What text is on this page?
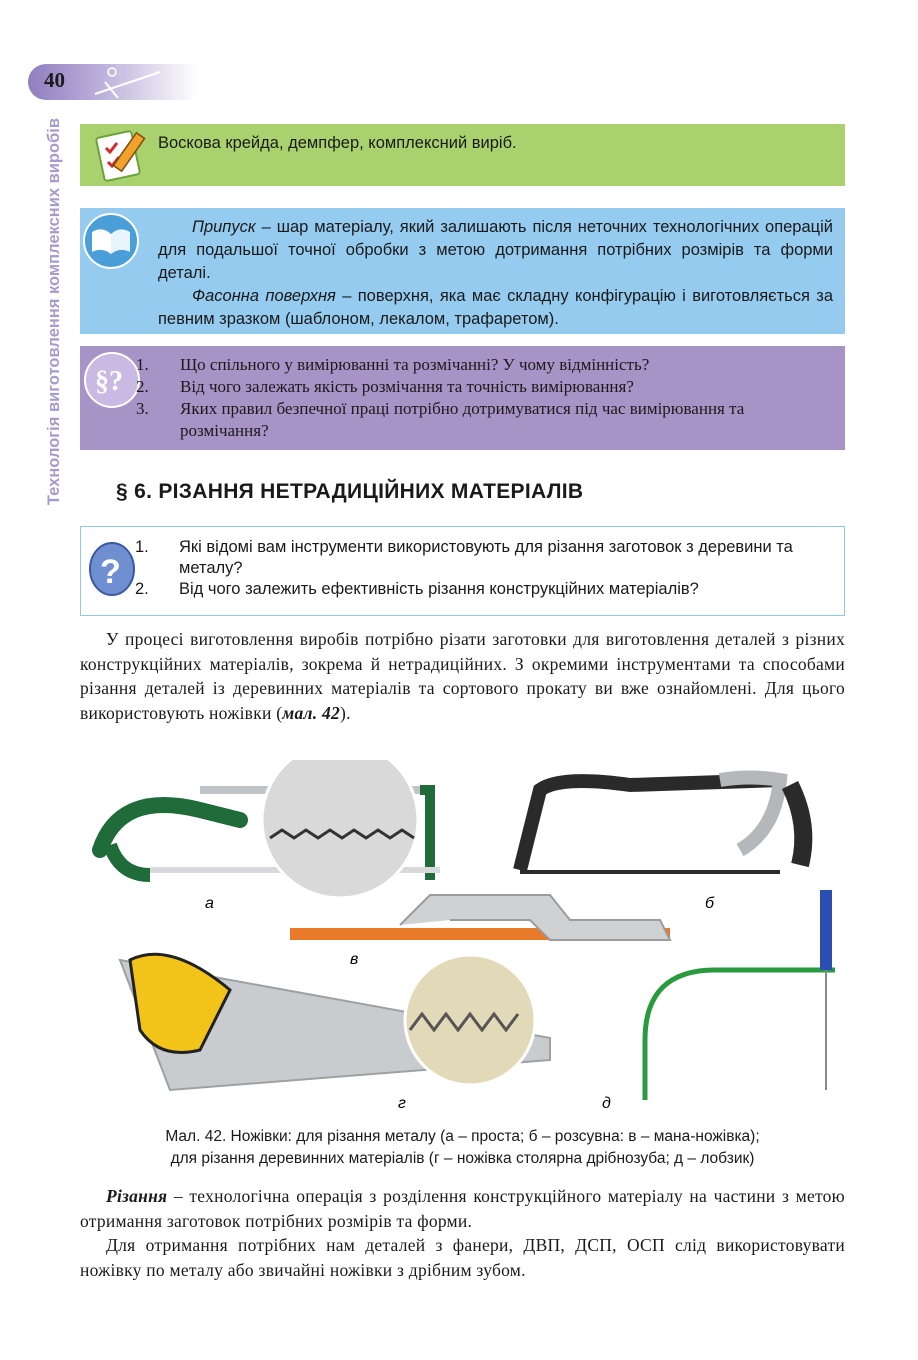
40
Технологія виготовлення комплексних виробів	Воскова крейда, демпфер, комплексний виріб.

Припуск – шар матеріалу, який залишають після неточних технологічних операцій для подальшої точної обробки з метою дотримання потрібних розмірів та форми деталі.

Фасонна поверхня – поверхня, яка має складну конфігурацію і виготовляється за певним зразком (шаблоном, лекалом, трафаретом).

§?
1. Що спільного у вимірюванні та розмічанні? У чому відмінність?
2. Від чого залежать якість розмічання та точність вимірювання?
3. Яких правил безпечної праці потрібно дотримуватися під час вимірювання та розмічання?
§ 6. РІЗАННЯ НЕТРАДИЦІЙНИХ МАТЕРІАЛІВ
?
1. Які відомі вам інструменти використовують для різання заготовок з деревини та металу?
2. Від чого залежить ефективність різання конструкційних матеріалів?

У процесі виготовлення виробів потрібно різати заготовки для виготовлення деталей з різних конструкційних матеріалів, зокрема й нетрадиційних. З окремими інструментами та способами різання деталей із деревинних матеріалів та сортового прокату ви вже ознайомлені. Для цього використовують ножівки (мал. 42).

а	б
в
г	д
Мал. 42. Ножівки: для різання металу (а – проста; б – розсувна: в – мана-ножівка);
для різання деревинних матеріалів (г – ножівка столярна дрібнозуба; д – лобзик)

Різання – технологічна операція з розділення конструкційного матеріалу на частини з метою отримання заготовок потрібних розмірів та форми.

Для отримання потрібних нам деталей з фанери, ДВП, ДСП, ОСП слід використовувати ножівку по металу або звичайні ножівки з дрібним зубом.
